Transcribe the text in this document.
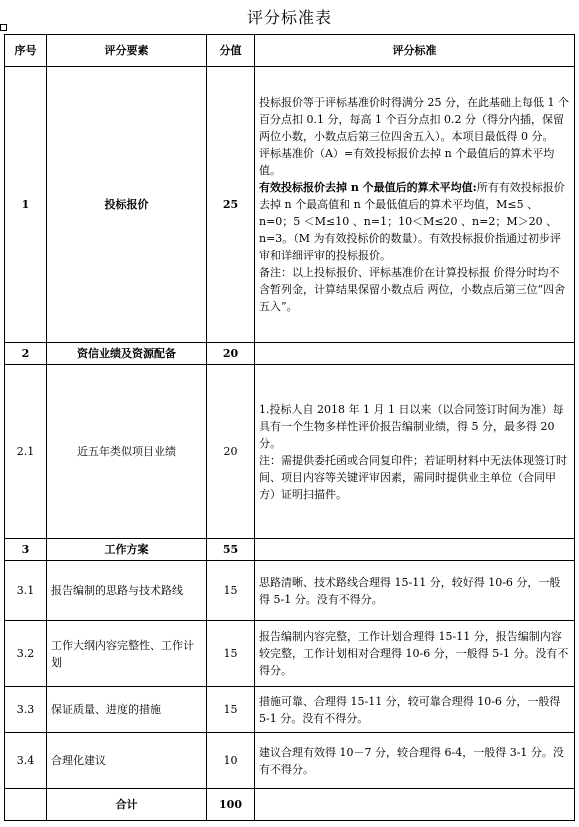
评分标准表
序号	评分要素	分值	评分标准
1	投标报价	25	投标报价等于评标基准价时得满分 25 分，在此基础上每低 1 个百分点扣 0.1 分，每高 1 个百分点扣 0.2 分（得分内插，保留两位小数，小数点后第三位四舍五入）。本项目最低得 0 分。

评标基准价（A）=有效投标报价去掉 n 个最值后的算术平均值。

有效投标报价去掉 n 个最值后的算术平均值:所有有效投标报价去掉 n 个最高值和 n 个最低值后的算术平均值，M≤5 、n=0；5 ＜M≤10 、n=1；10＜M≤20 、n=2；M＞20 、n=3。（M 为有效投标价的数量）。有效投标报价指通过初步评审和详细评审的投标报价。

备注：以上投标报价、评标基准价在计算投标报 价得分时均不含暂列金，计算结果保留小数点后 两位，小数点后第三位“四舍五入”。

2	资信业绩及资源配备	20	
2.1	近五年类似项目业绩	20	1.投标人自 2018 年 1 月 1 日以来（以合同签订时间为准）每具有一个生物多样性评价报告编制业绩，得 5 分，最多得 20 分。

注：需提供委托函或合同复印件；若证明材料中无法体现签订时间、项目内容等关键评审因素，需同时提供业主单位（合同甲方）证明扫描件。

3	工作方案	55	
3.1	报告编制的思路与技术路线	15	思路清晰、技术路线合理得 15-11 分，较好得 10-6 分，一般得 5-1 分。没有不得分。
3.2	工作大纲内容完整性、工作计划	15	报告编制内容完整，工作计划合理得 15-11 分，报告编制内容较完整，工作计划相对合理得 10-6 分，一般得 5-1 分。没有不得分。
3.3	保证质量、进度的措施	15	措施可靠、合理得 15-11 分，较可靠合理得 10-6 分，一般得 5-1 分。没有不得分。
3.4	合理化建议	10	建议合理有效得 10－7 分，较合理得 6-4，一般得 3-1 分。没有不得分。
	合计	100	
